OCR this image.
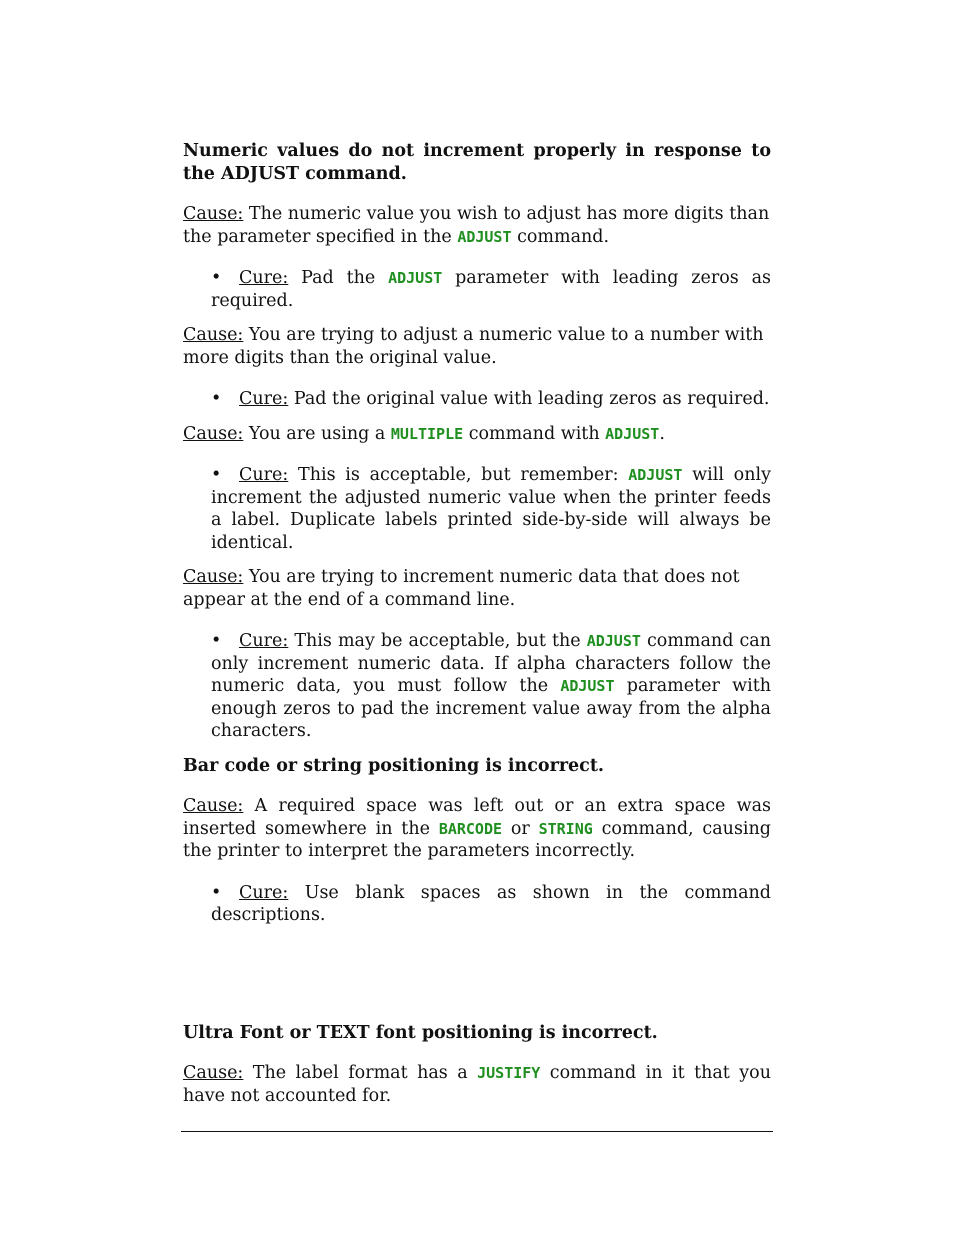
Numeric values do not increment properly in response to the ADJUST command.

Cause: The numeric value you wish to adjust has more digits than
the parameter specified in the ADJUST command.

• Cure: Pad the ADJUST parameter with leading zeros as required.

Cause: You are trying to adjust a numeric value to a number with
more digits than the original value.

• Cure: Pad the original value with leading zeros as required.

Cause: You are using a MULTIPLE command with ADJUST.

• Cure: This is acceptable, but remember: ADJUST will only increment the adjusted numeric value when the printer feeds a label. Duplicate labels printed side-by-side will always be identical.

Cause: You are trying to increment numeric data that does not
appear at the end of a command line.

• Cure: This may be acceptable, but the ADJUST command can only increment numeric data. If alpha characters follow the numeric data, you must follow the ADJUST parameter with enough zeros to pad the increment value away from the alpha characters.

Bar code or string positioning is incorrect.

Cause: A required space was left out or an extra space was inserted somewhere in the BARCODE or STRING command, causing the printer to interpret the parameters incorrectly.

• Cure: Use blank spaces as shown in the command descriptions.

Ultra Font or TEXT font positioning is incorrect.

Cause: The label format has a JUSTIFY command in it that you have not accounted for.
